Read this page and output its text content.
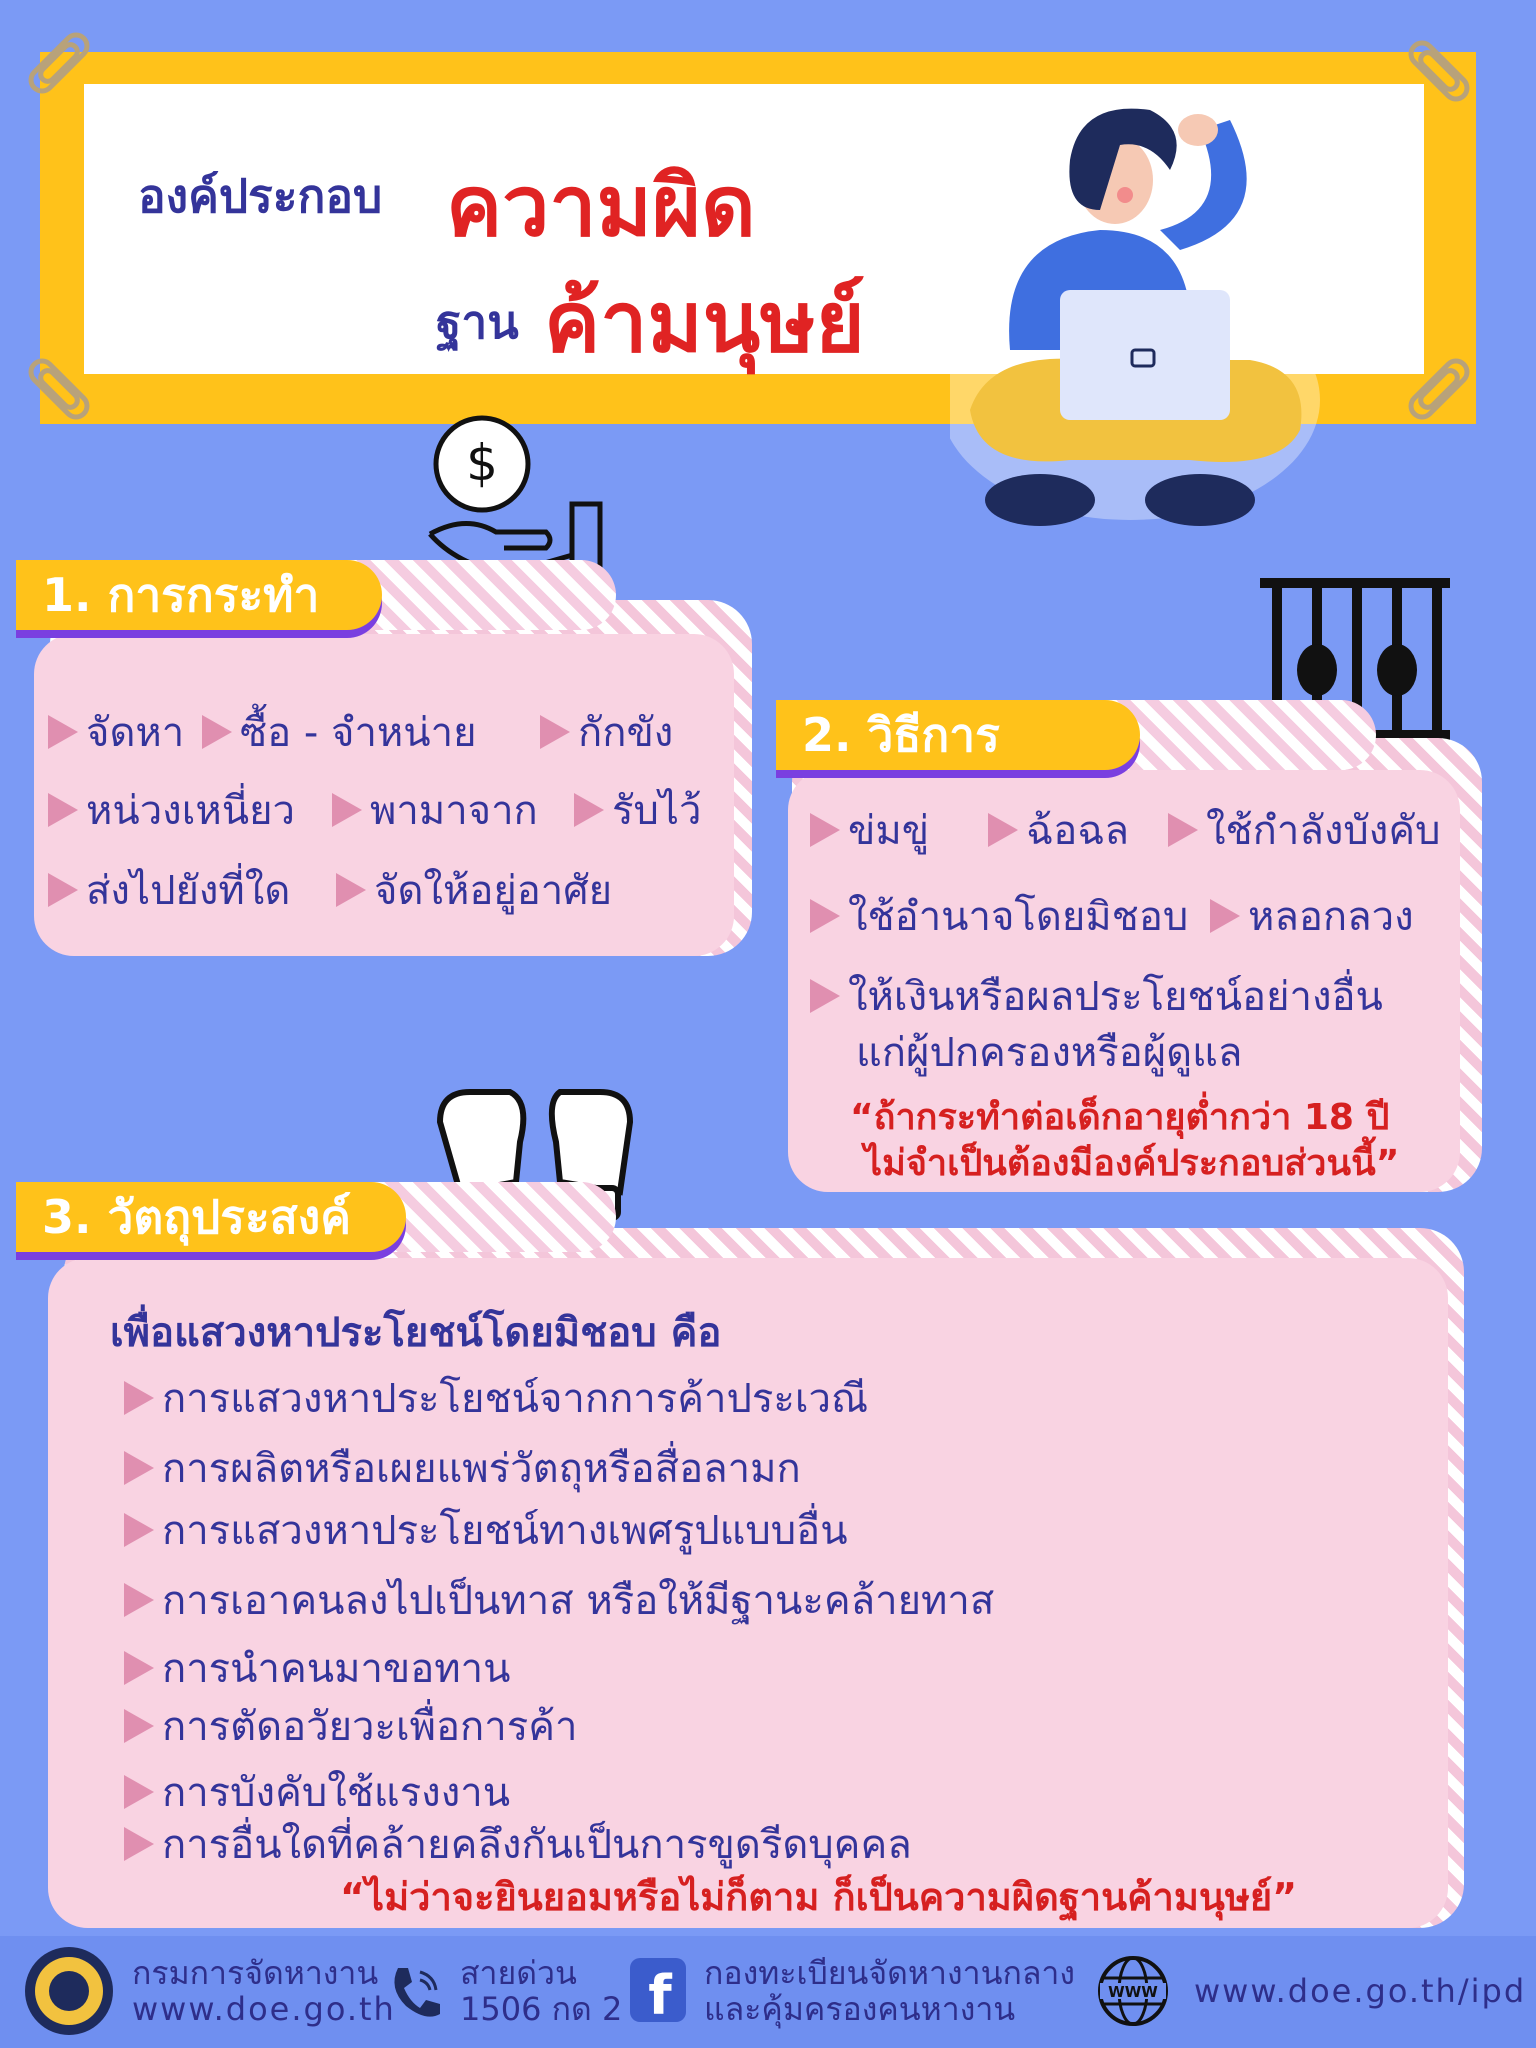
องค์ประกอบ ความผิด
ฐาน ค้ามนุษย์
$
1. การกระทำ
จัดหา ซื้อ - จำหน่าย	กักขัง
หน่วงเหนี่ยว พามาจาก รับไว้
ส่งไปยังที่ใด จัดให้อยู่อาศัย
2. วิธีการ
ข่มขู่ ฉ้อฉล ใช้กำลังบังคับ
ใช้อำนาจโดยมิชอบ หลอกลวง
ให้เงินหรือผลประโยชน์อย่างอื่น
แก่ผู้ปกครองหรือผู้ดูแล
“ถ้ากระทำต่อเด็กอายุต่ำกว่า 18 ปี
ไม่จำเป็นต้องมีองค์ประกอบส่วนนี้”
3. วัตถุประสงค์
เพื่อแสวงหาประโยชน์โดยมิชอบ คือ
การแสวงหาประโยชน์จากการค้าประเวณี
การผลิตหรือเผยแพร่วัตถุหรือสื่อลามก
การแสวงหาประโยชน์ทางเพศรูปแบบอื่น
การเอาคนลงไปเป็นทาส หรือให้มีฐานะคล้ายทาส
การนำคนมาขอทาน
การตัดอวัยวะเพื่อการค้า
การบังคับใช้แรงงาน
การอื่นใดที่คล้ายคลึงกันเป็นการขูดรีดบุคคล
“ไม่ว่าจะยินยอมหรือไม่ก็ตาม ก็เป็นความผิดฐานค้ามนุษย์”
กรมการจัดหางาน
www.doe.go.th
สายด่วน
1506 กด 2 f กองทะเบียนจัดหางานกลาง
และคุ้มครองคนหางาน	WWW www.doe.go.th/ipd
